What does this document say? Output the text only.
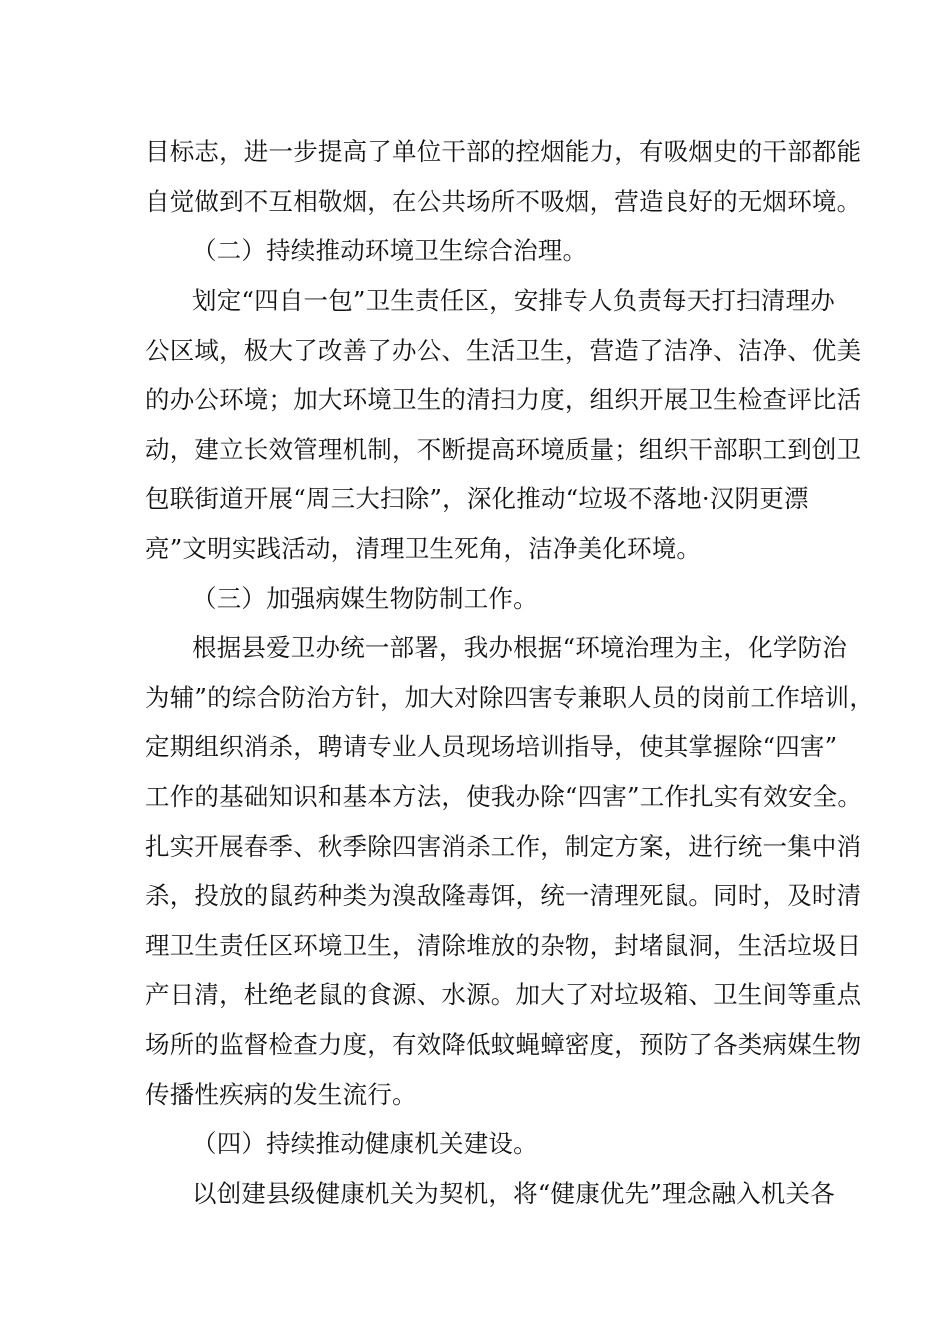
目标志，进一步提高了单位干部的控烟能力，有吸烟史的干部都能
自觉做到不互相敬烟，在公共场所不吸烟，营造良好的无烟环境。
（二）持续推动环境卫生综合治理。
划定“四自一包”卫生责任区，安排专人负责每天打扫清理办
公区域，极大了改善了办公、生活卫生，营造了洁净、洁净、优美
的办公环境；加大环境卫生的清扫力度，组织开展卫生检查评比活
动，建立长效管理机制，不断提高环境质量；组织干部职工到创卫
包联街道开展“周三大扫除”，深化推动“垃圾不落地·汉阴更漂
亮”文明实践活动，清理卫生死角，洁净美化环境。
（三）加强病媒生物防制工作。
根据县爱卫办统一部署，我办根据“环境治理为主，化学防治
为辅”的综合防治方针，加大对除四害专兼职人员的岗前工作培训，
定期组织消杀，聘请专业人员现场培训指导，使其掌握除“四害”
工作的基础知识和基本方法，使我办除“四害”工作扎实有效安全。
扎实开展春季、秋季除四害消杀工作，制定方案，进行统一集中消
杀，投放的鼠药种类为溴敌隆毒饵，统一清理死鼠。同时，及时清
理卫生责任区环境卫生，清除堆放的杂物，封堵鼠洞，生活垃圾日
产日清，杜绝老鼠的食源、水源。加大了对垃圾箱、卫生间等重点
场所的监督检查力度，有效降低蚊蝇蟑密度，预防了各类病媒生物
传播性疾病的发生流行。
（四）持续推动健康机关建设。
以创建县级健康机关为契机，将“健康优先”理念融入机关各
